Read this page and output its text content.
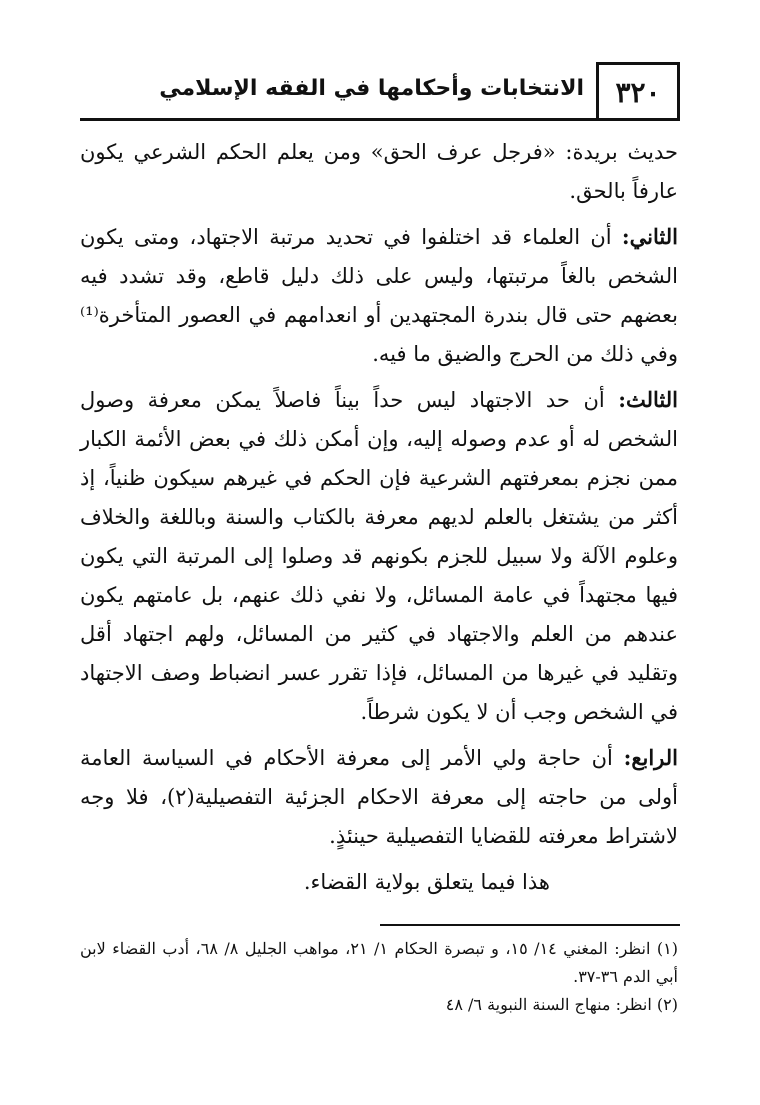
٣٢٠
الانتخابات وأحكامها في الفقه الإسلامي

حديث بريدة: «فرجل عرف الحق» ومن يعلم الحكم الشرعي يكون عارفاً بالحق.

الثاني: أن العلماء قد اختلفوا في تحديد مرتبة الاجتهاد، ومتى يكون الشخص بالغاً مرتبتها، وليس على ذلك دليل قاطع، وقد تشدد فيه بعضهم حتى قال بندرة المجتهدين أو انعدامهم في العصور المتأخرة⁽¹⁾ وفي ذلك من الحرج والضيق ما فيه.

الثالث: أن حد الاجتهاد ليس حداً بيناً فاصلاً يمكن معرفة وصول الشخص له أو عدم وصوله إليه، وإن أمكن ذلك في بعض الأئمة الكبار ممن نجزم بمعرفتهم الشرعية فإن الحكم في غيرهم سيكون ظنياً، إذ أكثر من يشتغل بالعلم لديهم معرفة بالكتاب والسنة وباللغة والخلاف وعلوم الآلة ولا سبيل للجزم بكونهم قد وصلوا إلى المرتبة التي يكون فيها مجتهداً في عامة المسائل، ولا نفي ذلك عنهم، بل عامتهم يكون عندهم من العلم والاجتهاد في كثير من المسائل، ولهم اجتهاد أقل وتقليد في غيرها من المسائل، فإذا تقرر عسر انضباط وصف الاجتهاد في الشخص وجب أن لا يكون شرطاً.

الرابع: أن حاجة ولي الأمر إلى معرفة الأحكام في السياسة العامة أولى من حاجته إلى معرفة الاحكام الجزئية التفصيلية(٢)، فلا وجه لاشتراط معرفته للقضايا التفصيلية حينئذٍ.

هذا فيما يتعلق بولاية القضاء.

(١) انظر: المغني ١٤/ ١٥، و تبصرة الحكام ١/ ٢١، مواهب الجليل ٨/ ٦٨، أدب القضاء لابن أبي الدم ٣٦-٣٧.

(٢) انظر: منهاج السنة النبوية ٦/ ٤٨
